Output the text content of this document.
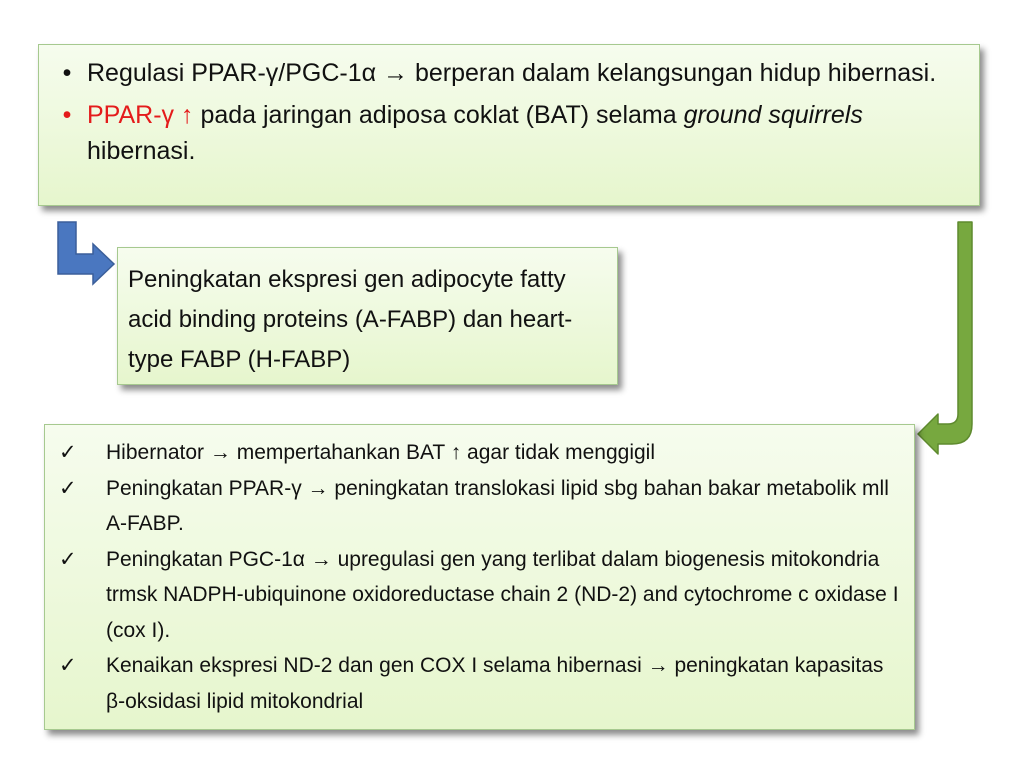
• Regulasi PPAR-γ/PGC-1α → berperan dalam kelangsungan hidup hibernasi.
• PPAR-γ ↑ pada jaringan adiposa coklat (BAT) selama ground squirrels hibernasi.
Peningkatan ekspresi gen adipocyte fatty acid binding proteins (A-FABP) dan heart-type FABP (H-FABP)
✓	Hibernator → mempertahankan BAT ↑ agar tidak menggigil
✓	Peningkatan PPAR-γ → peningkatan translokasi lipid sbg bahan bakar metabolik mll A-FABP.
✓	Peningkatan PGC-1α → upregulasi gen yang terlibat dalam biogenesis mitokondria trmsk NADPH-ubiquinone oxidoreductase chain 2 (ND-2) and cytochrome c oxidase I (cox I).
✓	Kenaikan ekspresi ND-2 dan gen COX I selama hibernasi → peningkatan kapasitas β-oksidasi lipid mitokondrial
